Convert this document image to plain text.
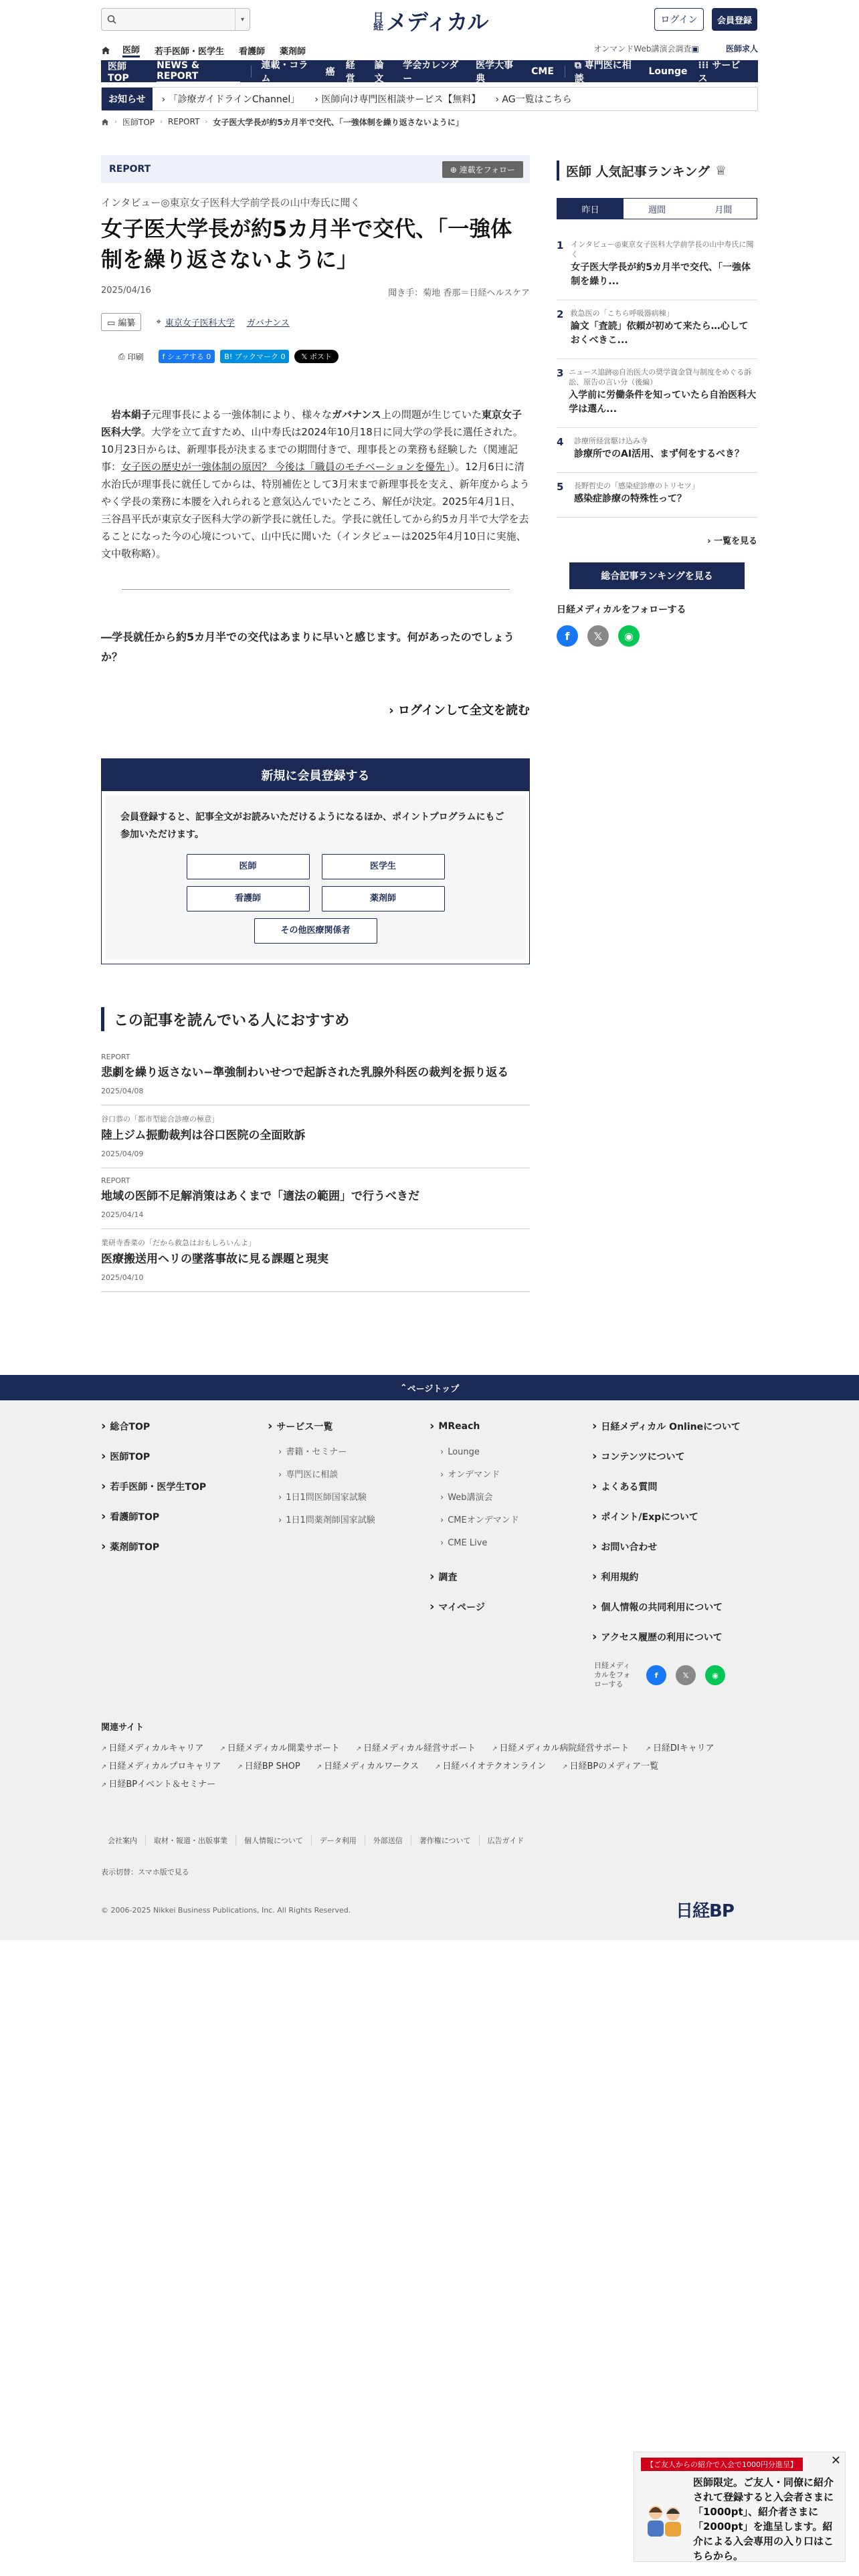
▾	日経 メディカル	ログイン	会員登録
医師 若手医師・医学生 看護師 薬剤師	オンマンド Web講演会 調査 ▣	医師求人
医師TOP
NEWS & REPORT
連載・コラム
癌
経営
論文
学会カレンダー
医学大事典
CME
⧉ 専門医に相談
Lounge
⁞⁞⁞ サービス
お知らせ	› 「診療ガイドラインChannel」 › 医師向け専門医相談サービス【無料】 › AG一覧はこちら
› 医師TOP › REPORT › 女子医大学長が約5カ月半で交代、「一強体制を繰り返さないように」
REPORT	⊕ 連載をフォロー
インタビュー◎東京女子医科大学前学長の山中寿氏に聞く
女子医大学長が約5カ月半で交代、「一強体制を繰り返さないように」
2025/04/16	聞き手：菊地 香那＝日経ヘルスケア
▭ 編纂	⌖ 東京女子医科大学 ガバナンス
⎙ 印刷	f シェアする 0	B! ブックマーク 0	𝕏 ポスト

岩本絹子元理事長による一強体制により、様々なガバナンス上の問題が生じていた東京女子医科大学。大学を立て直すため、山中寿氏は2024年10月18日に同大学の学長に選任された。10月23日からは、新理事長が決まるまでの期間付きで、理事長との業務も経験した（関連記事：女子医の歴史が一強体制の原因？ 今後は「職員のモチベーションを優先」）。12月6日に清水治氏が理事長に就任してからは、特別補佐として3月末まで新理事長を支え、新年度からようやく学長の業務に本腰を入れられると意気込んでいたところ、解任が決定。2025年4月1日、三谷昌平氏が東京女子医科大学の新学長に就任した。学長に就任してから約5カ月半で大学を去ることになった今の心境について、山中氏に聞いた（インタビューは2025年4月10日に実施、文中敬称略）。

―学長就任から約5カ月半での交代はあまりに早いと感じます。何があったのでしょうか？

› ログインして全文を読む
新規に会員登録する

会員登録すると、記事全文がお読みいただけるようになるほか、ポイントプログラムにもご参加いただけます。

医師	医学生
看護師	薬剤師
その他医療関係者
この記事を読んでいる人におすすめ
REPORT
悲劇を繰り返さない−準強制わいせつで起訴された乳腺外科医の裁判を振り返る
2025/04/08
谷口恭の「都市型総合診療の極意」
陸上ジム振動裁判は谷口医院の全面敗訴
2025/04/09
REPORT
地域の医師不足解消策はあくまで「適法の範囲」で行うべきだ
2025/04/14
業研寺香菜の「だから救急はおもしろいんよ」
医療搬送用ヘリの墜落事故に見る課題と現実
2025/04/10
医師 人気記事ランキング ♕
昨日	週間	月間
1 インタビュー◎東京女子医科大学前学長の山中寿氏に聞く
女子医大学長が約5カ月半で交代、「一強体制を繰り...
2 救急医の「こちら呼吸器病棟」
論文「査読」依頼が初めて来たら…心しておくべきこ...
3 ニュース追跡◎自治医大の奨学資金貸与制度をめぐる訴訟、原告の言い分（後編）
入学前に労働条件を知っていたら自治医科大学は選ん...
4	診療所経営駆け込み寺
診療所でのAI活用、まず何をするべき？
5	長野哲史の「感染症診療のトリセツ」
感染症診療の特殊性って？
› 一覧を見る
総合記事ランキングを見る
日経メディカルをフォローする
f	𝕏	◉
⌃ ページトップ
› 総合TOP
› 医師TOP
› 若手医師・医学生TOP
› 看護師TOP
› 薬剤師TOP
› サービス一覧
› 書籍・セミナー
› 専門医に相談
› 1日1問医師国家試験
› 1日1問薬剤師国家試験
› MReach
› Lounge
› オンデマンド
› Web講演会
› CMEオンデマンド
› CME Live
› 調査
› マイページ
› 日経メディカル Onlineについて
› コンテンツについて
› よくある質問
› ポイント/Expについて
› お問い合わせ
› 利用規約
› 個人情報の共同利用について
› アクセス履歴の利用について
日経メディカルをフォローする
f	𝕏	◉
関連サイト
↗ 日経メディカルキャリア	↗ 日経メディカル開業サポート	↗ 日経メディカル経営サポート	↗ 日経メディカル病院経営サポート	↗ 日経DIキャリア
↗ 日経メディカルプロキャリア	↗ 日経BP SHOP	↗ 日経メディカルワークス	↗ 日経バイオテクオンライン	↗ 日経BPのメディア一覧
↗ 日経BPイベント＆セミナー
会社案内	取材・報道・出版事業	個人情報について	データ利用	外部送信	著作権について	広告ガイド
表示切替：スマホ版で見る
© 2006-2025 Nikkei Business Publications, Inc. All Rights Reserved.	日経BP
✕
【ご友人からの紹介で入会で1000円分進呈】
医師限定。ご友人・同僚に紹介されて登録すると入会者さまに「1000pt」、紹介者さまに「2000pt」を進呈します。紹介による入会専用の入り口はこちらから。
